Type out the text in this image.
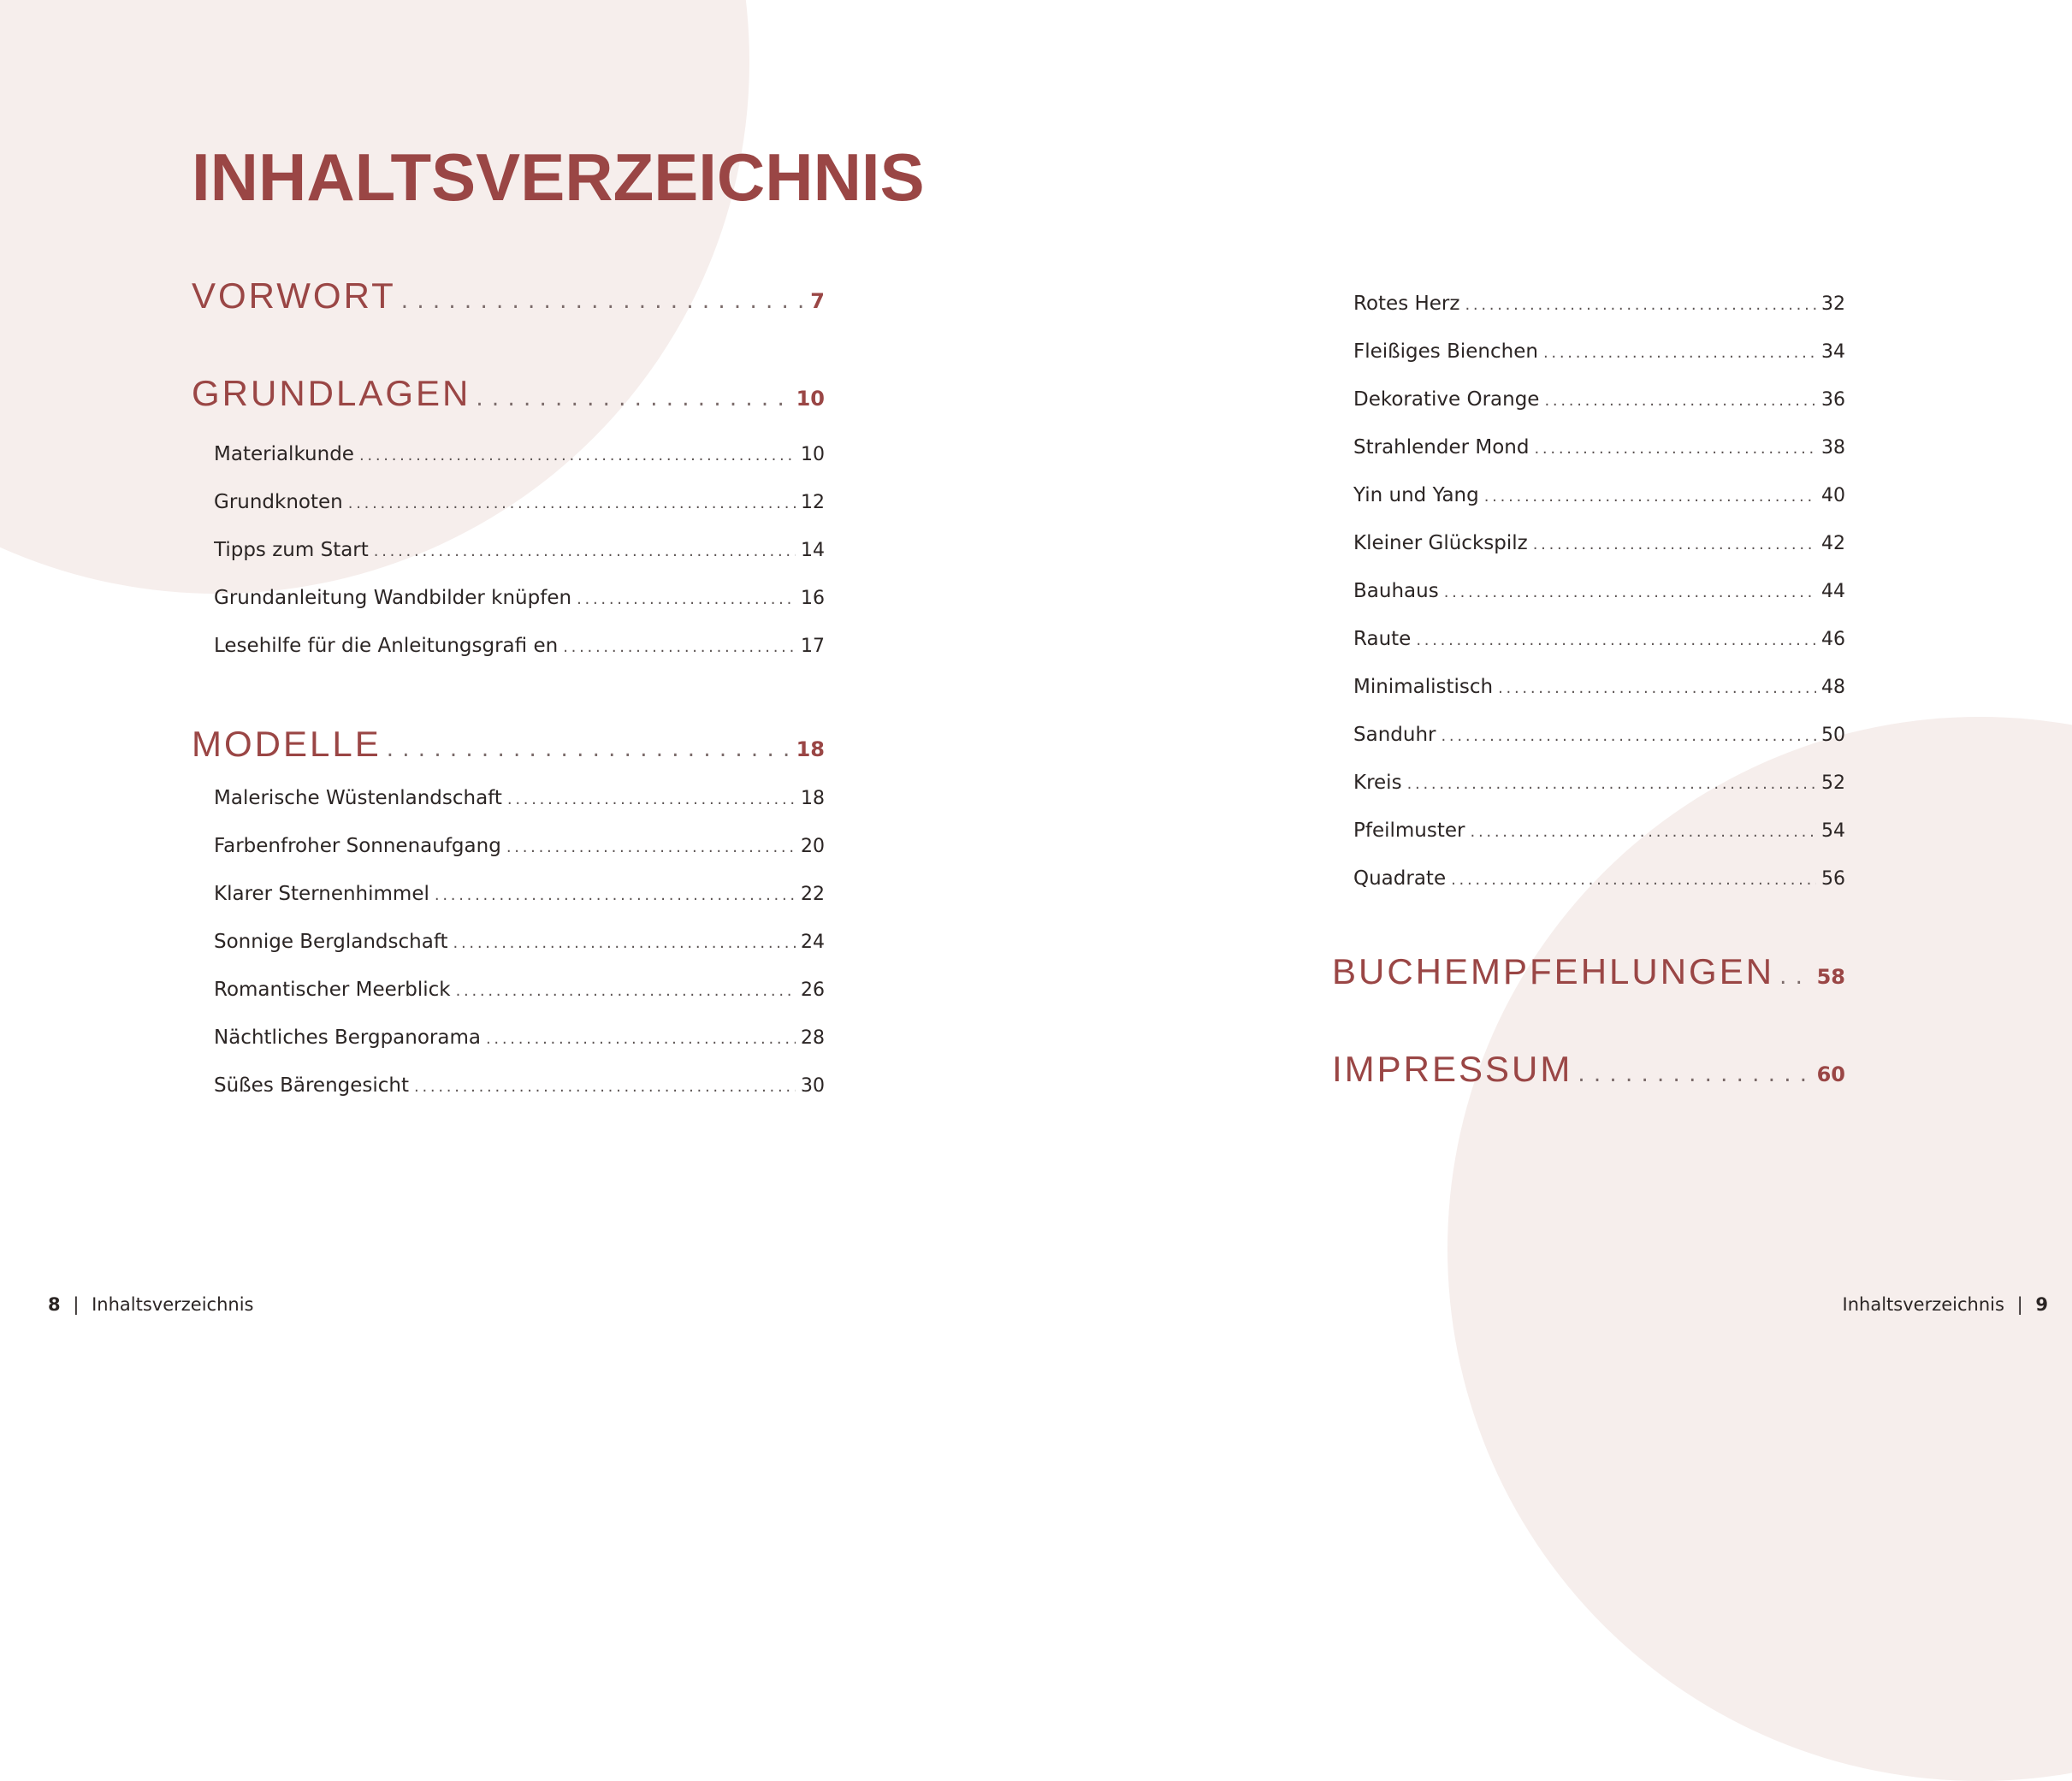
INHALTSVERZEICHNIS
VORWORT . . .	7
GRUNDLAGEN . . .	10
Materialkunde . . .	10
Grundknoten . . .	12
Tipps zum Start . . .	14
Grundanleitung Wandbilder knüpfen . . .	16
Lesehilfe für die Anleitungsgrafi en . . .	17
MODELLE . . .	18
Malerische Wüstenlandschaft . . .	18
Farbenfroher Sonnenaufgang . . .	20
Klarer Sternenhimmel . . .	22
Sonnige Berglandschaft . . .	24
Romantischer Meerblick . . .	26
Nächtliches Bergpanorama . . .	28
Süßes Bärengesicht . . .	30
Rotes Herz . . .	32
Fleißiges Bienchen . . .	34
Dekorative Orange . . .	36
Strahlender Mond . . .	38
Yin und Yang . . .	40
Kleiner Glückspilz . . .	42
Bauhaus . . .	44
Raute . . .	46
Minimalistisch . . .	48
Sanduhr . . .	50
Kreis . . .	52
Pfeilmuster . . .	54
Quadrate . . .	56
BUCHEMPFEHLUNGEN . . . 58
IMPRESSUM . . .	60
8 | Inhaltsverzeichnis	Inhaltsverzeichnis | 9
